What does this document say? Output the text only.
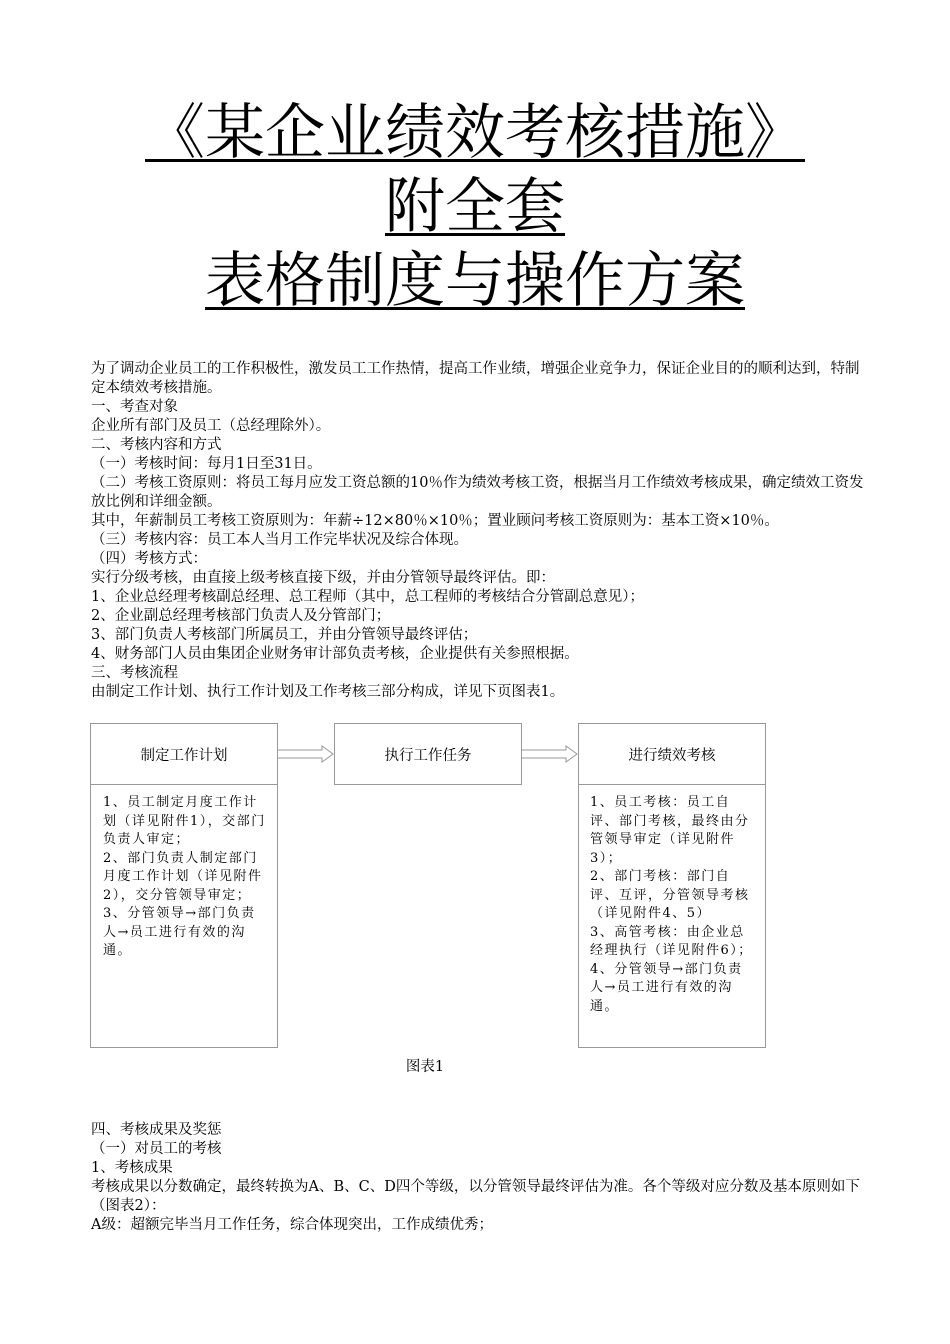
《某企业绩效考核措施》
附全套
表格制度与操作方案

为了调动企业员工的工作积极性，激发员工工作热情，提高工作业绩，增强企业竞争力，保证企业目的的顺利达到，特制定本绩效考核措施。

一、考查对象

企业所有部门及员工（总经理除外）。

二、考核内容和方式

（一）考核时间：每月1日至31日。

（二）考核工资原则：将员工每月应发工资总额的10％作为绩效考核工资，根据当月工作绩效考核成果，确定绩效工资发放比例和详细金额。

其中，年薪制员工考核工资原则为：年薪÷12×80％×10％；置业顾问考核工资原则为：基本工资×10％。

（三）考核内容：员工本人当月工作完毕状况及综合体现。

（四）考核方式：

实行分级考核，由直接上级考核直接下级，并由分管领导最终评估。即：

1、企业总经理考核副总经理、总工程师（其中，总工程师的考核结合分管副总意见）；

2、企业副总经理考核部门负责人及分管部门；

3、部门负责人考核部门所属员工，并由分管领导最终评估；

4、财务部门人员由集团企业财务审计部负责考核，企业提供有关参照根据。

三、考核流程

由制定工作计划、执行工作计划及工作考核三部分构成，详见下页图表1。

制定工作计划

1、员工制定月度工作计划（详见附件1），交部门负责人审定；

2、部门负责人制定部门月度工作计划（详见附件2），交分管领导审定；

3、分管领导→部门负责人→员工进行有效的沟通。

执行工作任务	进行绩效考核

1、员工考核：员工自评、部门考核，最终由分管领导审定（详见附件3）；

2、部门考核：部门自评、互评，分管领导考核（详见附件4、5）

3、高管考核：由企业总经理执行（详见附件6）；

4、分管领导→部门负责人→员工进行有效的沟通。

图表1

四、考核成果及奖惩

（一）对员工的考核

1、考核成果

考核成果以分数确定，最终转换为A、B、C、D四个等级，以分管领导最终评估为准。各个等级对应分数及基本原则如下（图表2）：

A级：超额完毕当月工作任务，综合体现突出，工作成绩优秀；
